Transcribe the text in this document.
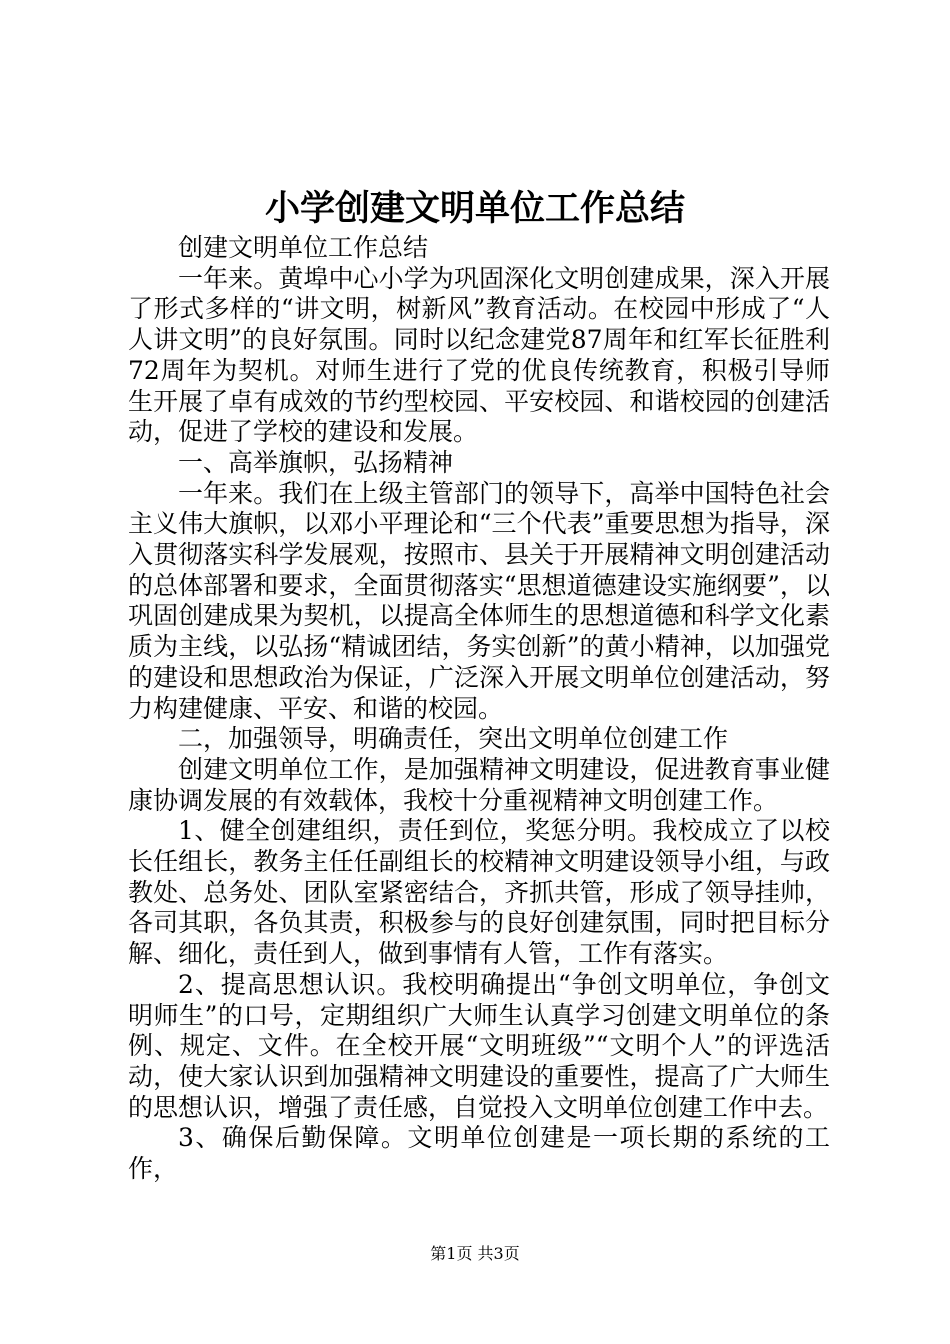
小学创建文明单位工作总结

创建文明单位工作总结

一年来。黄埠中心小学为巩固深化文明创建成果，深入开展了形式多样的“讲文明，树新风”教育活动。在校园中形成了“人人讲文明”的良好氛围。同时以纪念建党87周年和红军长征胜利72周年为契机。对师生进行了党的优良传统教育，积极引导师生开展了卓有成效的节约型校园、平安校园、和谐校园的创建活动，促进了学校的建设和发展。

一、高举旗帜，弘扬精神

一年来。我们在上级主管部门的领导下，高举中国特色社会主义伟大旗帜，以邓小平理论和“三个代表”重要思想为指导，深入贯彻落实科学发展观，按照市、县关于开展精神文明创建活动的总体部署和要求，全面贯彻落实“思想道德建设实施纲要”，以巩固创建成果为契机，以提高全体师生的思想道德和科学文化素质为主线，以弘扬“精诚团结，务实创新”的黄小精神，以加强党的建设和思想政治为保证，广泛深入开展文明单位创建活动，努力构建健康、平安、和谐的校园。

二，加强领导，明确责任，突出文明单位创建工作

创建文明单位工作，是加强精神文明建设，促进教育事业健康协调发展的有效载体，我校十分重视精神文明创建工作。

1、健全创建组织，责任到位，奖惩分明。我校成立了以校长任组长，教务主任任副组长的校精神文明建设领导小组，与政教处、总务处、团队室紧密结合，齐抓共管，形成了领导挂帅，各司其职，各负其责，积极参与的良好创建氛围，同时把目标分解、细化，责任到人，做到事情有人管，工作有落实。

2、提高思想认识。我校明确提出“争创文明单位，争创文明师生”的口号，定期组织广大师生认真学习创建文明单位的条例、规定、文件。在全校开展“文明班级”“文明个人”的评选活动，使大家认识到加强精神文明建设的重要性，提高了广大师生的思想认识，增强了责任感，自觉投入文明单位创建工作中去。

3、确保后勤保障。文明单位创建是一项长期的系统的工作，

第1页 共3页
